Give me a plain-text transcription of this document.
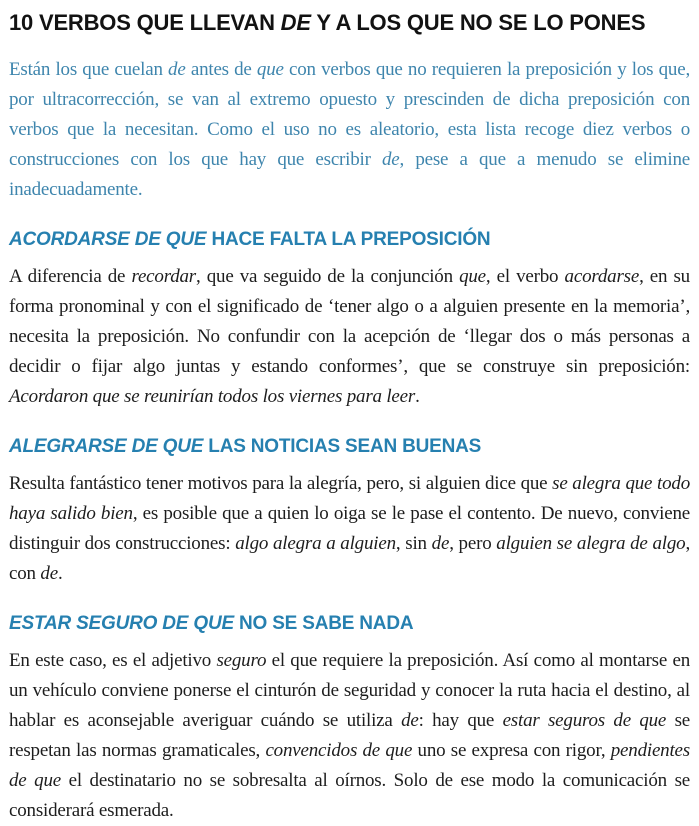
10 VERBOS QUE LLEVAN DE Y A LOS QUE NO SE LO PONES

Están los que cuelan de antes de que con verbos que no requieren la preposición y los que, por ultracorrección, se van al extremo opuesto y prescinden de dicha preposición con verbos que la necesitan. Como el uso no es aleatorio, esta lista recoge diez verbos o construcciones con los que hay que escribir de, pese a que a menudo se elimine inadecuadamente.

ACORDARSE DE QUE HACE FALTA LA PREPOSICIÓN

A diferencia de recordar, que va seguido de la conjunción que, el verbo acordarse, en su forma pronominal y con el significado de ‘tener algo o a alguien presente en la memoria’, necesita la preposición. No confundir con la acepción de ‘llegar dos o más personas a decidir o fijar algo juntas y estando conformes’, que se construye sin preposición: Acordaron que se reunirían todos los viernes para leer.

ALEGRARSE DE QUE LAS NOTICIAS SEAN BUENAS

Resulta fantástico tener motivos para la alegría, pero, si alguien dice que se alegra que todo haya salido bien, es posible que a quien lo oiga se le pase el contento. De nuevo, conviene distinguir dos construcciones: algo alegra a alguien, sin de, pero alguien se alegra de algo, con de.

ESTAR SEGURO DE QUE NO SE SABE NADA

En este caso, es el adjetivo seguro el que requiere la preposición. Así como al montarse en un vehículo conviene ponerse el cinturón de seguridad y conocer la ruta hacia el destino, al hablar es aconsejable averiguar cuándo se utiliza de: hay que estar seguros de que se respetan las normas gramaticales, convencidos de que uno se expresa con rigor, pendientes de que el destinatario no se sobresalta al oírnos. Solo de ese modo la comunicación se considerará esmerada.
